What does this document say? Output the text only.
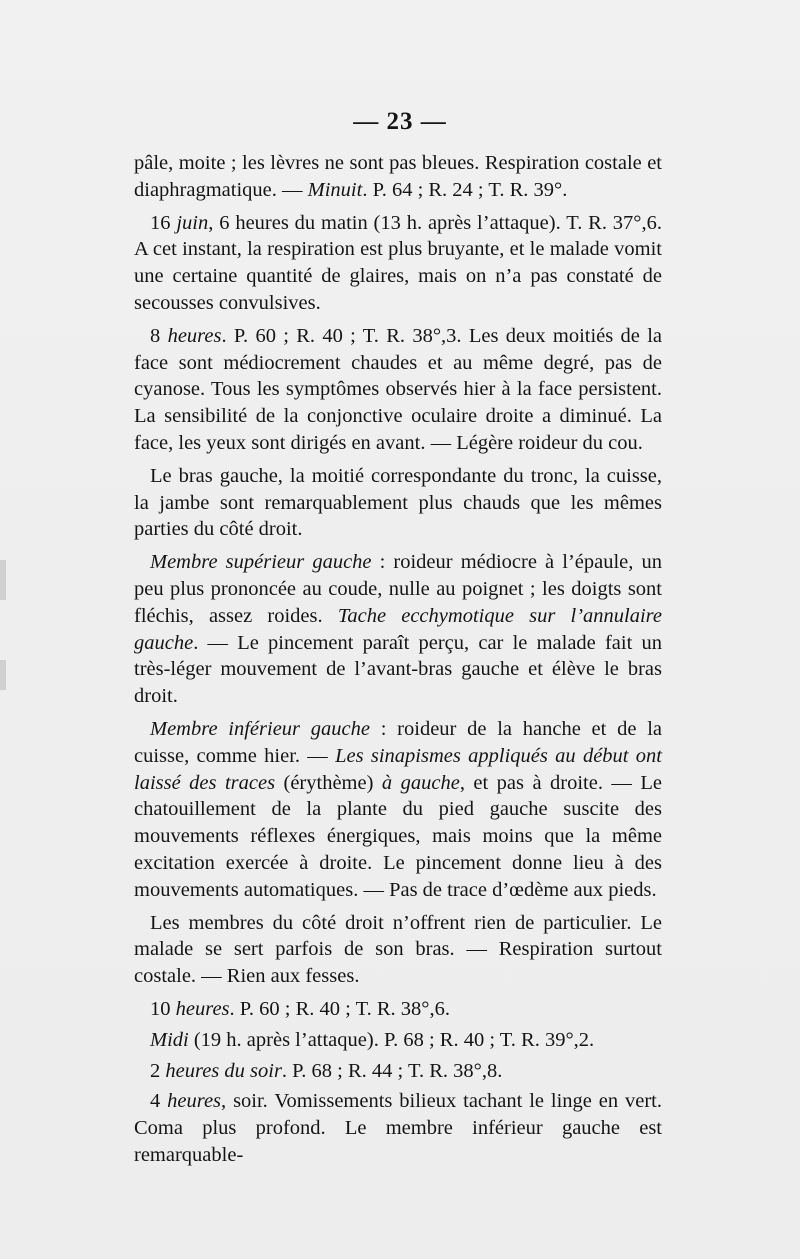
— 23 —

pâle, moite ; les lèvres ne sont pas bleues. Respiration costale et diaphragmatique. — Minuit. P. 64 ; R. 24 ; T. R. 39°.

16 juin, 6 heures du matin (13 h. après l’attaque). T. R. 37°,6. A cet instant, la respiration est plus bruyante, et le malade vomit une certaine quantité de glaires, mais on n’a pas constaté de secousses convulsives.

8 heures. P. 60 ; R. 40 ; T. R. 38°,3. Les deux moitiés de la face sont médiocrement chaudes et au même degré, pas de cyanose. Tous les symptômes observés hier à la face persistent. La sensibilité de la conjonctive oculaire droite a diminué. La face, les yeux sont dirigés en avant. — Légère roideur du cou.

Le bras gauche, la moitié correspondante du tronc, la cuisse, la jambe sont remarquablement plus chauds que les mêmes parties du côté droit.

Membre supérieur gauche : roideur médiocre à l’épaule, un peu plus prononcée au coude, nulle au poignet ; les doigts sont fléchis, assez roides. Tache ecchymotique sur l’annulaire gauche. — Le pincement paraît perçu, car le malade fait un très-léger mouvement de l’avant-bras gauche et élève le bras droit.

Membre inférieur gauche : roideur de la hanche et de la cuisse, comme hier. — Les sinapismes appliqués au début ont laissé des traces (érythème) à gauche, et pas à droite. — Le chatouillement de la plante du pied gauche suscite des mouvements réflexes énergiques, mais moins que la même excitation exercée à droite. Le pincement donne lieu à des mouvements automatiques. — Pas de trace d’œdème aux pieds.

Les membres du côté droit n’offrent rien de particulier. Le malade se sert parfois de son bras. — Respiration surtout costale. — Rien aux fesses.

10 heures. P. 60 ; R. 40 ; T. R. 38°,6.

Midi (19 h. après l’attaque). P. 68 ; R. 40 ; T. R. 39°,2.

2 heures du soir. P. 68 ; R. 44 ; T. R. 38°,8.

4 heures, soir. Vomissements bilieux tachant le linge en vert. Coma plus profond. Le membre inférieur gauche est remarquable-
